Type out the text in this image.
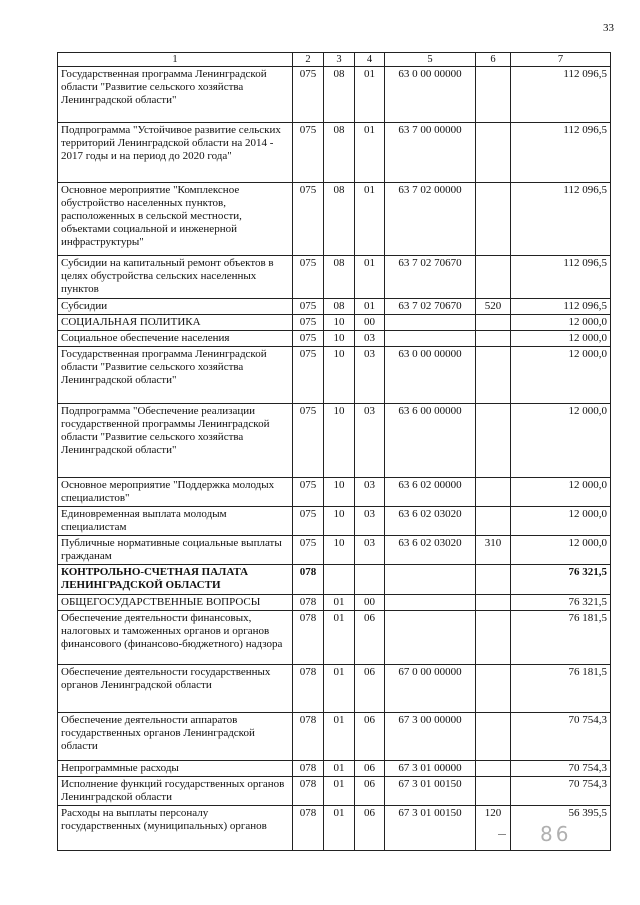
33
1	2	3	4	5	6	7
Государственная программа Ленинградской области "Развитие сельского хозяйства Ленинградской области"	075	08	01	63 0 00 00000		112 096,5
Подпрограмма "Устойчивое развитие сельских территорий Ленинградской области на 2014 - 2017 годы и на период до 2020 года"	075	08	01	63 7 00 00000		112 096,5
Основное мероприятие "Комплексное обустройство населенных пунктов, расположенных в сельской местности, объектами социальной и инженерной инфраструктуры"	075	08	01	63 7 02 00000		112 096,5
Субсидии на капитальный ремонт объектов в целях обустройства сельских населенных пунктов	075	08	01	63 7 02 70670		112 096,5
Субсидии	075	08	01	63 7 02 70670	520	112 096,5
СОЦИАЛЬНАЯ ПОЛИТИКА	075	10	00			12 000,0
Социальное обеспечение населения	075	10	03			12 000,0
Государственная программа Ленинградской области "Развитие сельского хозяйства Ленинградской области"	075	10	03	63 0 00 00000		12 000,0
Подпрограмма "Обеспечение реализации государственной программы Ленинградской области "Развитие сельского хозяйства Ленинградской области"	075	10	03	63 6 00 00000		12 000,0
Основное мероприятие "Поддержка молодых специалистов"	075	10	03	63 6 02 00000		12 000,0
Единовременная выплата молодым специалистам	075	10	03	63 6 02 03020		12 000,0
Публичные нормативные социальные выплаты гражданам	075	10	03	63 6 02 03020	310	12 000,0
КОНТРОЛЬНО-СЧЕТНАЯ ПАЛАТА ЛЕНИНГРАДСКОЙ ОБЛАСТИ	078					76 321,5
ОБЩЕГОСУДАРСТВЕННЫЕ ВОПРОСЫ	078	01	00			76 321,5
Обеспечение деятельности финансовых, налоговых и таможенных органов и органов финансового (финансово-бюджетного) надзора	078	01	06			76 181,5
Обеспечение деятельности государственных органов Ленинградской области	078	01	06	67 0 00 00000		76 181,5
Обеспечение деятельности аппаратов государственных органов Ленинградской области	078	01	06	67 3 00 00000		70 754,3
Непрограммные расходы	078	01	06	67 3 01 00000		70 754,3
Исполнение функций государственных органов Ленинградской области	078	01	06	67 3 01 00150		70 754,3
Расходы на выплаты персоналу государственных (муниципальных) органов	078	01	06	67 3 01 00150	120	56 395,5
86
